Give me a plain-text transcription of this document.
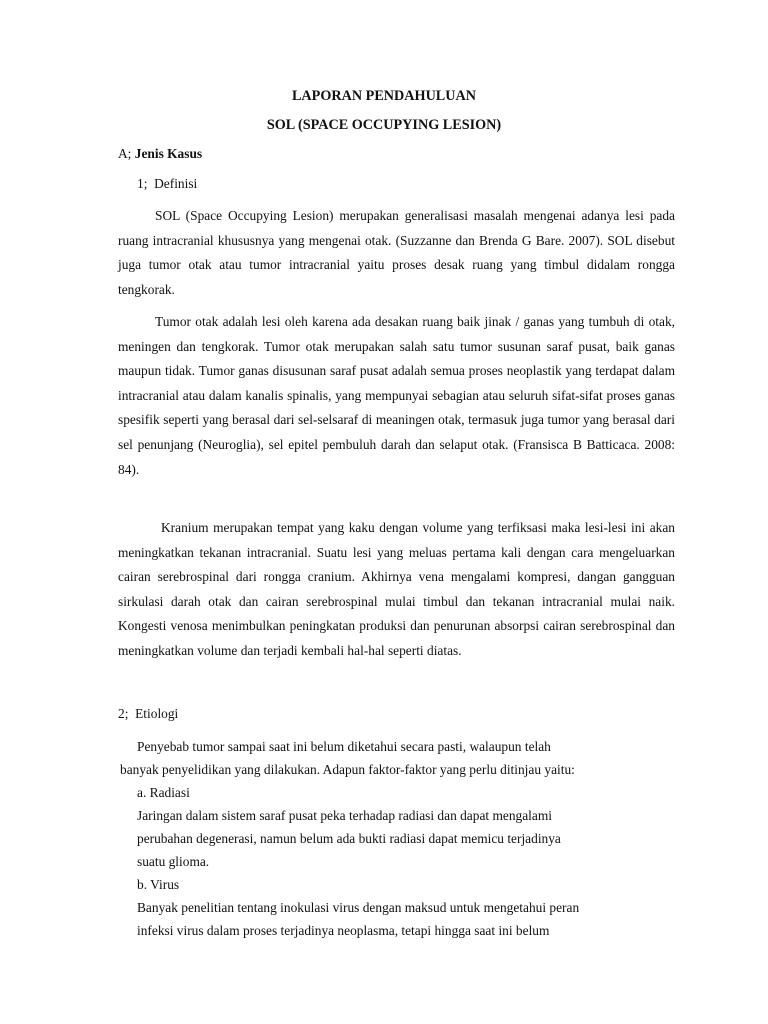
LAPORAN PENDAHULUAN

SOL (SPACE OCCUPYING LESION)

A; Jenis Kasus

1; Definisi

SOL (Space Occupying Lesion) merupakan generalisasi masalah mengenai adanya lesi pada ruang intracranial khususnya yang mengenai otak. (Suzzanne dan Brenda G Bare. 2007). SOL disebut juga tumor otak atau tumor intracranial yaitu proses desak ruang yang timbul didalam rongga tengkorak.

Tumor otak adalah lesi oleh karena ada desakan ruang baik jinak / ganas yang tumbuh di otak, meningen dan tengkorak. Tumor otak merupakan salah satu tumor susunan saraf pusat, baik ganas maupun tidak. Tumor ganas disusunan saraf pusat adalah semua proses neoplastik yang terdapat dalam intracranial atau dalam kanalis spinalis, yang mempunyai sebagian atau seluruh sifat-sifat proses ganas spesifik seperti yang berasal dari sel-selsaraf di meaningen otak, termasuk juga tumor yang berasal dari sel penunjang (Neuroglia), sel epitel pembuluh darah dan selaput otak. (Fransisca B Batticaca. 2008: 84).

Kranium merupakan tempat yang kaku dengan volume yang terfiksasi maka lesi-lesi ini akan meningkatkan tekanan intracranial. Suatu lesi yang meluas pertama kali dengan cara mengeluarkan cairan serebrospinal dari rongga cranium. Akhirnya vena mengalami kompresi, dangan gangguan sirkulasi darah otak dan cairan serebrospinal mulai timbul dan tekanan intracranial mulai naik. Kongesti venosa menimbulkan peningkatan produksi dan penurunan absorpsi cairan serebrospinal dan meningkatkan volume dan terjadi kembali hal-hal seperti diatas.

2; Etiologi

Penyebab tumor sampai saat ini belum diketahui secara pasti, walaupun telah

banyak penyelidikan yang dilakukan. Adapun faktor-faktor yang perlu ditinjau yaitu:

a. Radiasi

Jaringan dalam sistem saraf pusat peka terhadap radiasi dan dapat mengalami

perubahan degenerasi, namun belum ada bukti radiasi dapat memicu terjadinya

suatu glioma.

b. Virus

Banyak penelitian tentang inokulasi virus dengan maksud untuk mengetahui peran

infeksi virus dalam proses terjadinya neoplasma, tetapi hingga saat ini belum
